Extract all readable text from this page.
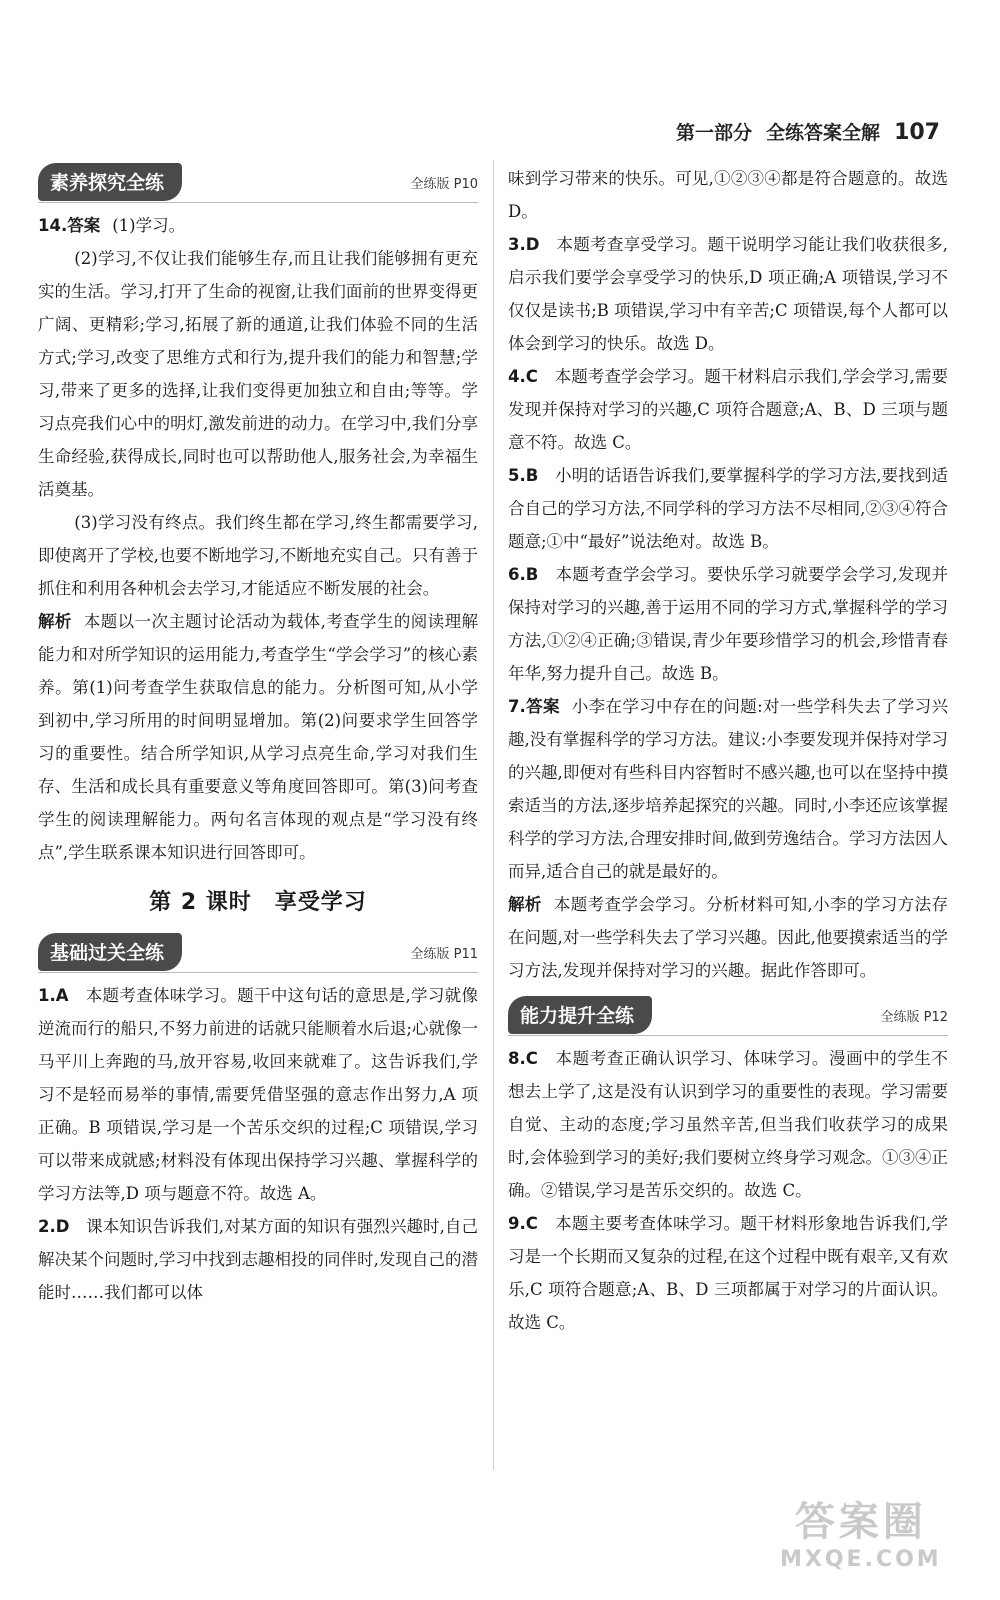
第一部分 全练答案全解 107
素养探究全练	全练版 P10

14.答案 (1)学习。

(2)学习,不仅让我们能够生存,而且让我们能够拥有更充实的生活。学习,打开了生命的视窗,让我们面前的世界变得更广阔、更精彩;学习,拓展了新的通道,让我们体验不同的生活方式;学习,改变了思维方式和行为,提升我们的能力和智慧;学习,带来了更多的选择,让我们变得更加独立和自由;等等。学习点亮我们心中的明灯,激发前进的动力。在学习中,我们分享生命经验,获得成长,同时也可以帮助他人,服务社会,为幸福生活奠基。

(3)学习没有终点。我们终生都在学习,终生都需要学习,即使离开了学校,也要不断地学习,不断地充实自己。只有善于抓住和利用各种机会去学习,才能适应不断发展的社会。

解析 本题以一次主题讨论活动为载体,考查学生的阅读理解能力和对所学知识的运用能力,考查学生“学会学习”的核心素养。第(1)问考查学生获取信息的能力。分析图可知,从小学到初中,学习所用的时间明显增加。第(2)问要求学生回答学习的重要性。结合所学知识,从学习点亮生命,学习对我们生存、生活和成长具有重要意义等角度回答即可。第(3)问考查学生的阅读理解能力。两句名言体现的观点是“学习没有终点”,学生联系课本知识进行回答即可。

第 2 课时　享受学习
基础过关全练	全练版 P11

1.A　 本题考查体味学习。题干中这句话的意思是,学习就像逆流而行的船只,不努力前进的话就只能顺着水后退;心就像一马平川上奔跑的马,放开容易,收回来就难了。这告诉我们,学习不是轻而易举的事情,需要凭借坚强的意志作出努力,A 项正确。B 项错误,学习是一个苦乐交织的过程;C 项错误,学习可以带来成就感;材料没有体现出保持学习兴趣、掌握科学的学习方法等,D 项与题意不符。故选 A。

2.D　 课本知识告诉我们,对某方面的知识有强烈兴趣时,自己解决某个问题时,学习中找到志趣相投的同伴时,发现自己的潜能时……我们都可以体

味到学习带来的快乐。可见,①②③④都是符合题意的。故选 D。

3.D　 本题考查享受学习。题干说明学习能让我们收获很多,启示我们要学会享受学习的快乐,D 项正确;A 项错误,学习不仅仅是读书;B 项错误,学习中有辛苦;C 项错误,每个人都可以体会到学习的快乐。故选 D。

4.C　 本题考查学会学习。题干材料启示我们,学会学习,需要发现并保持对学习的兴趣,C 项符合题意;A、B、D 三项与题意不符。故选 C。

5.B　 小明的话语告诉我们,要掌握科学的学习方法,要找到适合自己的学习方法,不同学科的学习方法不尽相同,②③④符合题意;①中“最好”说法绝对。故选 B。

6.B　 本题考查学会学习。要快乐学习就要学会学习,发现并保持对学习的兴趣,善于运用不同的学习方式,掌握科学的学习方法,①②④正确;③错误,青少年要珍惜学习的机会,珍惜青春年华,努力提升自己。故选 B。

7.答案 小李在学习中存在的问题:对一些学科失去了学习兴趣,没有掌握科学的学习方法。建议:小李要发现并保持对学习的兴趣,即便对有些科目内容暂时不感兴趣,也可以在坚持中摸索适当的方法,逐步培养起探究的兴趣。同时,小李还应该掌握科学的学习方法,合理安排时间,做到劳逸结合。学习方法因人而异,适合自己的就是最好的。

解析 本题考查学会学习。分析材料可知,小李的学习方法存在问题,对一些学科失去了学习兴趣。因此,他要摸索适当的学习方法,发现并保持对学习的兴趣。据此作答即可。

能力提升全练	全练版 P12

8.C　 本题考查正确认识学习、体味学习。漫画中的学生不想去上学了,这是没有认识到学习的重要性的表现。学习需要自觉、主动的态度;学习虽然辛苦,但当我们收获学习的成果时,会体验到学习的美好;我们要树立终身学习观念。①③④正确。②错误,学习是苦乐交织的。故选 C。

9.C　 本题主要考查体味学习。题干材料形象地告诉我们,学习是一个长期而又复杂的过程,在这个过程中既有艰辛,又有欢乐,C 项符合题意;A、B、D 三项都属于对学习的片面认识。故选 C。

答案圈
MXQE.COM
